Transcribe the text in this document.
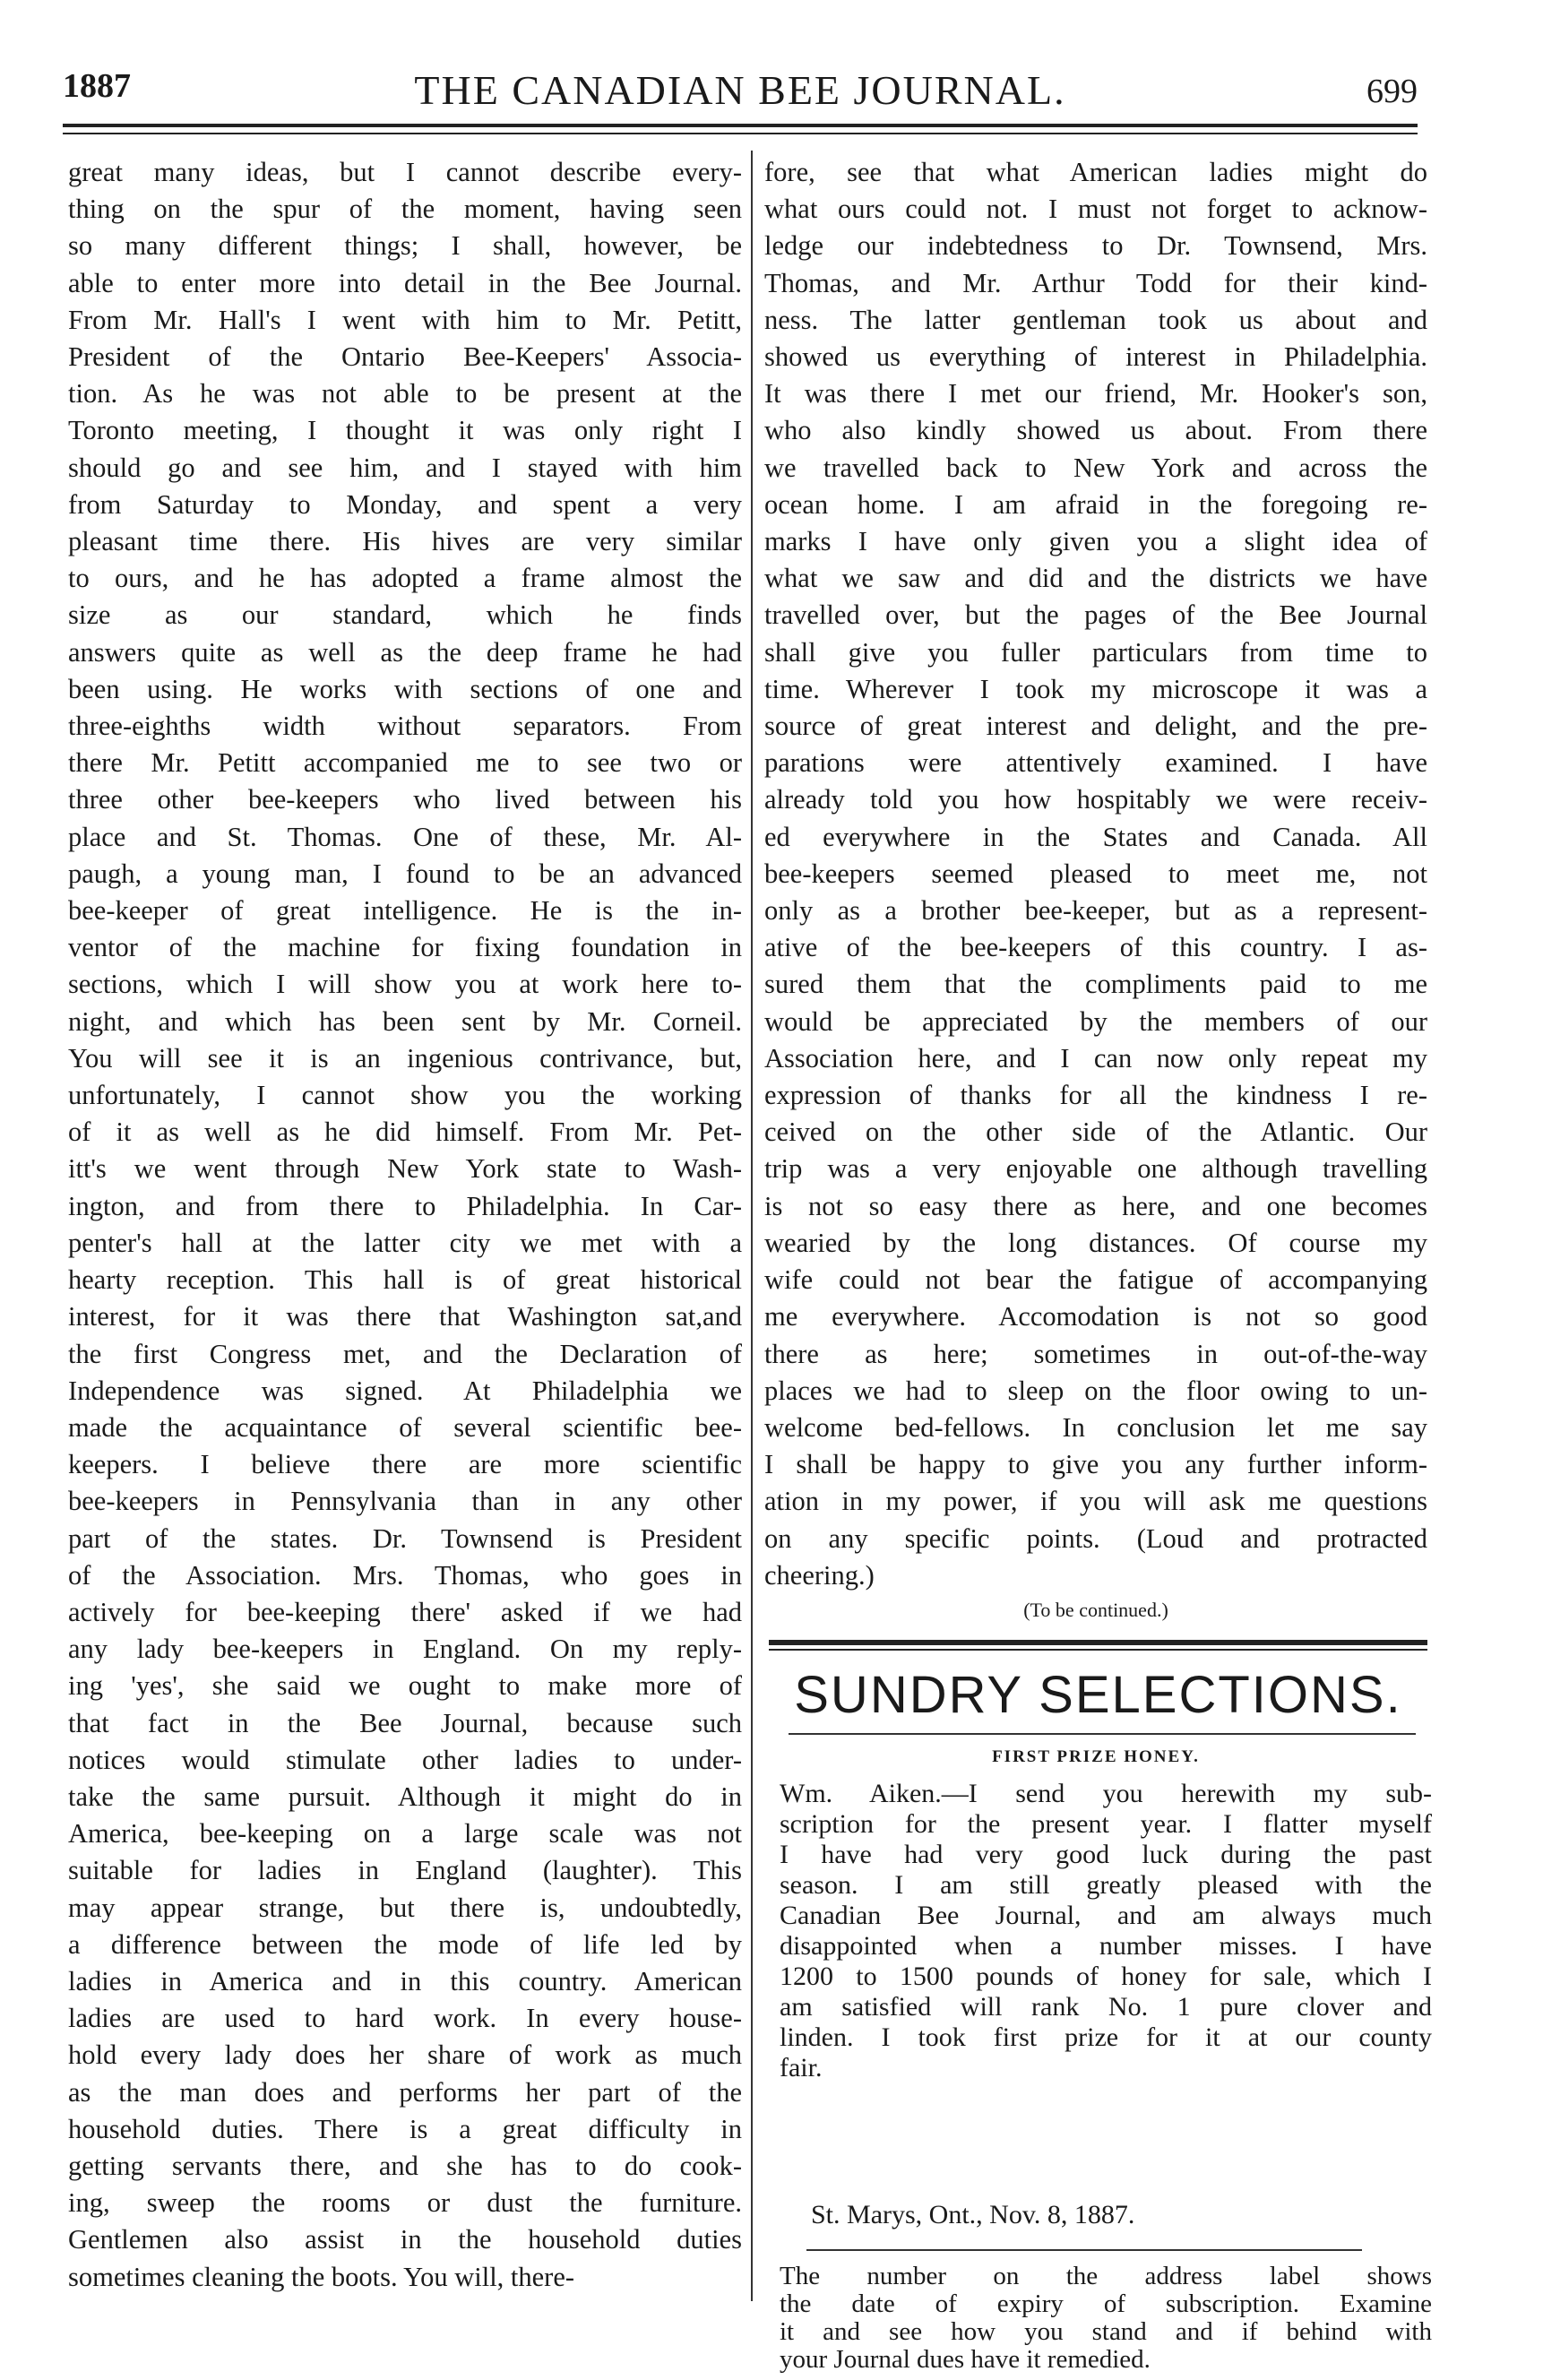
1887	THE CANADIAN BEE JOURNAL.	699
great many ideas, but I cannot describe every-
thing on the spur of the moment, having seen
so many different things; I shall, however, be
able to enter more into detail in the Bee Journal.
From Mr. Hall's I went with him to Mr. Petitt,
President of the Ontario Bee-Keepers' Associa-
tion. As he was not able to be present at the
Toronto meeting, I thought it was only right I
should go and see him, and I stayed with him
from Saturday to Monday, and spent a very
pleasant time there. His hives are very similar
to ours, and he has adopted a frame almost the
size as our standard, which he finds
answers quite as well as the deep frame he had
been using. He works with sections of one and
three-eighths width without separators. From
there Mr. Petitt accompanied me to see two or
three other bee-keepers who lived between his
place and St. Thomas. One of these, Mr. Al-
paugh, a young man, I found to be an advanced
bee-keeper of great intelligence. He is the in-
ventor of the machine for fixing foundation in
sections, which I will show you at work here to-
night, and which has been sent by Mr. Corneil.
You will see it is an ingenious contrivance, but,
unfortunately, I cannot show you the working
of it as well as he did himself. From Mr. Pet-
itt's we went through New York state to Wash-
ington, and from there to Philadelphia. In Car-
penter's hall at the latter city we met with a
hearty reception. This hall is of great historical
interest, for it was there that Washington sat,and
the first Congress met, and the Declaration of
Independence was signed. At Philadelphia we
made the acquaintance of several scientific bee-
keepers. I believe there are more scientific
bee-keepers in Pennsylvania than in any other
part of the states. Dr. Townsend is President
of the Association. Mrs. Thomas, who goes in
actively for bee-keeping there' asked if we had
any lady bee-keepers in England. On my reply-
ing 'yes', she said we ought to make more of
that fact in the Bee Journal, because such
notices would stimulate other ladies to under-
take the same pursuit. Although it might do in
America, bee-keeping on a large scale was not
suitable for ladies in England (laughter). This
may appear strange, but there is, undoubtedly,
a difference between the mode of life led by
ladies in America and in this country. American
ladies are used to hard work. In every house-
hold every lady does her share of work as much
as the man does and performs her part of the
household duties. There is a great difficulty in
getting servants there, and she has to do cook-
ing, sweep the rooms or dust the furniture.
Gentlemen also assist in the household duties
sometimes cleaning the boots. You will, there-
fore, see that what American ladies might do
what ours could not. I must not forget to acknow-
ledge our indebtedness to Dr. Townsend, Mrs.
Thomas, and Mr. Arthur Todd for their kind-
ness. The latter gentleman took us about and
showed us everything of interest in Philadelphia.
It was there I met our friend, Mr. Hooker's son,
who also kindly showed us about. From there
we travelled back to New York and across the
ocean home. I am afraid in the foregoing re-
marks I have only given you a slight idea of
what we saw and did and the districts we have
travelled over, but the pages of the Bee Journal
shall give you fuller particulars from time to
time. Wherever I took my microscope it was a
source of great interest and delight, and the pre-
parations were attentively examined. I have
already told you how hospitably we were receiv-
ed everywhere in the States and Canada. All
bee-keepers seemed pleased to meet me, not
only as a brother bee-keeper, but as a represent-
ative of the bee-keepers of this country. I as-
sured them that the compliments paid to me
would be appreciated by the members of our
Association here, and I can now only repeat my
expression of thanks for all the kindness I re-
ceived on the other side of the Atlantic. Our
trip was a very enjoyable one although travelling
is not so easy there as here, and one becomes
wearied by the long distances. Of course my
wife could not bear the fatigue of accompanying
me everywhere. Accomodation is not so good
there as here; sometimes in out-of-the-way
places we had to sleep on the floor owing to un-
welcome bed-fellows. In conclusion let me say
I shall be happy to give you any further inform-
ation in my power, if you will ask me questions
on any specific points. (Loud and protracted
cheering.)
(To be continued.)
SUNDRY SELECTIONS.
FIRST PRIZE HONEY.
Wm. Aiken.—I send you herewith my sub-
scription for the present year. I flatter myself
I have had very good luck during the past
season. I am still greatly pleased with the
Canadian Bee Journal, and am always much
disappointed when a number misses. I have
1200 to 1500 pounds of honey for sale, which I
am satisfied will rank No. 1 pure clover and
linden. I took first prize for it at our county
fair.
St. Marys, Ont., Nov. 8, 1887.
The number on the address label shows
the date of expiry of subscription. Examine
it and see how you stand and if behind with
your Journal dues have it remedied.
